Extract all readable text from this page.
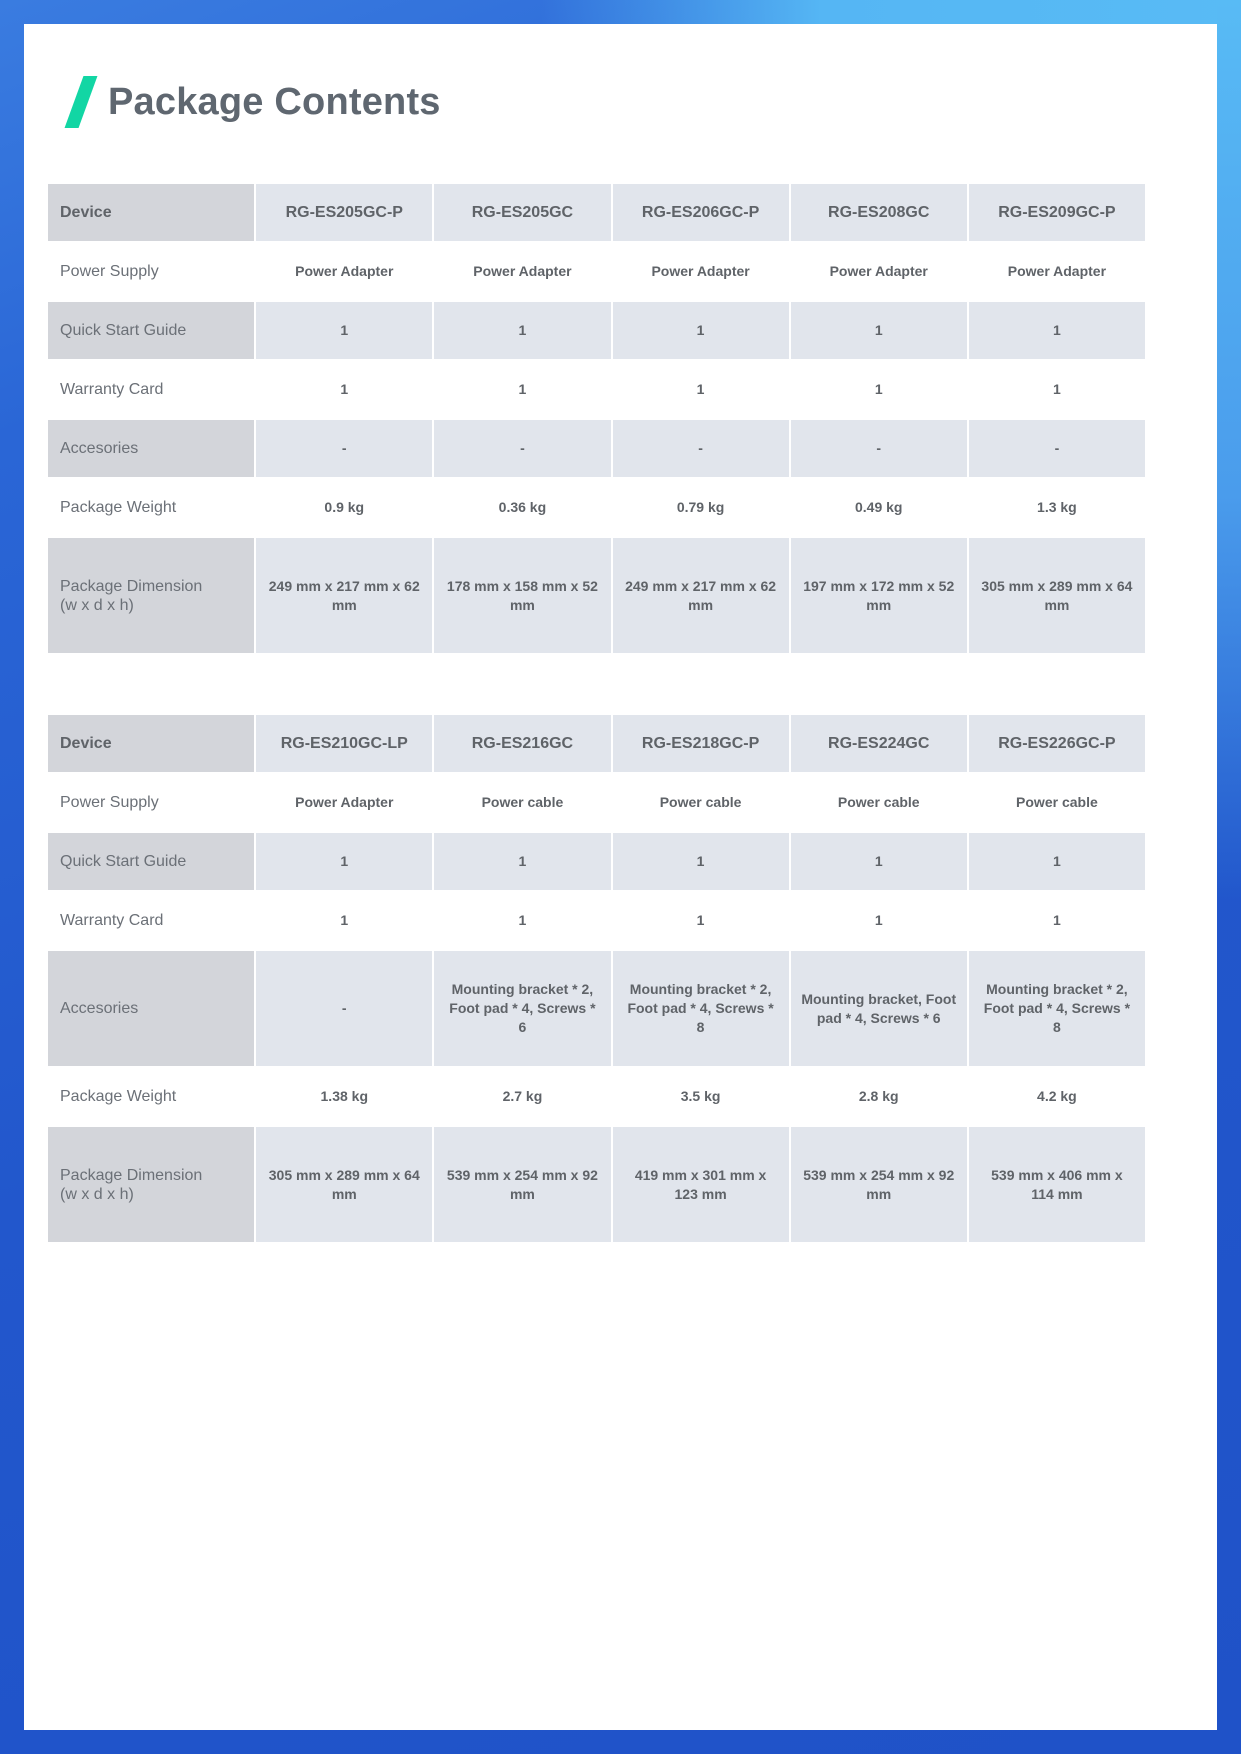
Package Contents
Device	RG-ES205GC-P	RG-ES205GC	RG-ES206GC-P	RG-ES208GC	RG-ES209GC-P
Power Supply	Power Adapter	Power Adapter	Power Adapter	Power Adapter	Power Adapter
Quick Start Guide	1	1	1	1	1
Warranty Card	1	1	1	1	1
Accesories	-	-	-	-	-
Package Weight	0.9 kg	0.36 kg	0.79 kg	0.49 kg	1.3 kg
Package Dimension
(w x d x h)	249 mm x 217 mm x 62 mm	178 mm x 158 mm x 52 mm	249 mm x 217 mm x 62 mm	197 mm x 172 mm x 52 mm	305 mm x 289 mm x 64 mm
Device	RG-ES210GC-LP	RG-ES216GC	RG-ES218GC-P	RG-ES224GC	RG-ES226GC-P
Power Supply	Power Adapter	Power cable	Power cable	Power cable	Power cable
Quick Start Guide	1	1	1	1	1
Warranty Card	1	1	1	1	1
Accesories	-	Mounting bracket * 2, Foot pad * 4, Screws * 6	Mounting bracket * 2, Foot pad * 4, Screws * 8	Mounting bracket, Foot pad * 4, Screws * 6	Mounting bracket * 2, Foot pad * 4, Screws * 8
Package Weight	1.38 kg	2.7 kg	3.5 kg	2.8 kg	4.2 kg
Package Dimension
(w x d x h)	305 mm x 289 mm x 64 mm	539 mm x 254 mm x 92 mm	419 mm x 301 mm x 123 mm	539 mm x 254 mm x 92 mm	539 mm x 406 mm x 114 mm
